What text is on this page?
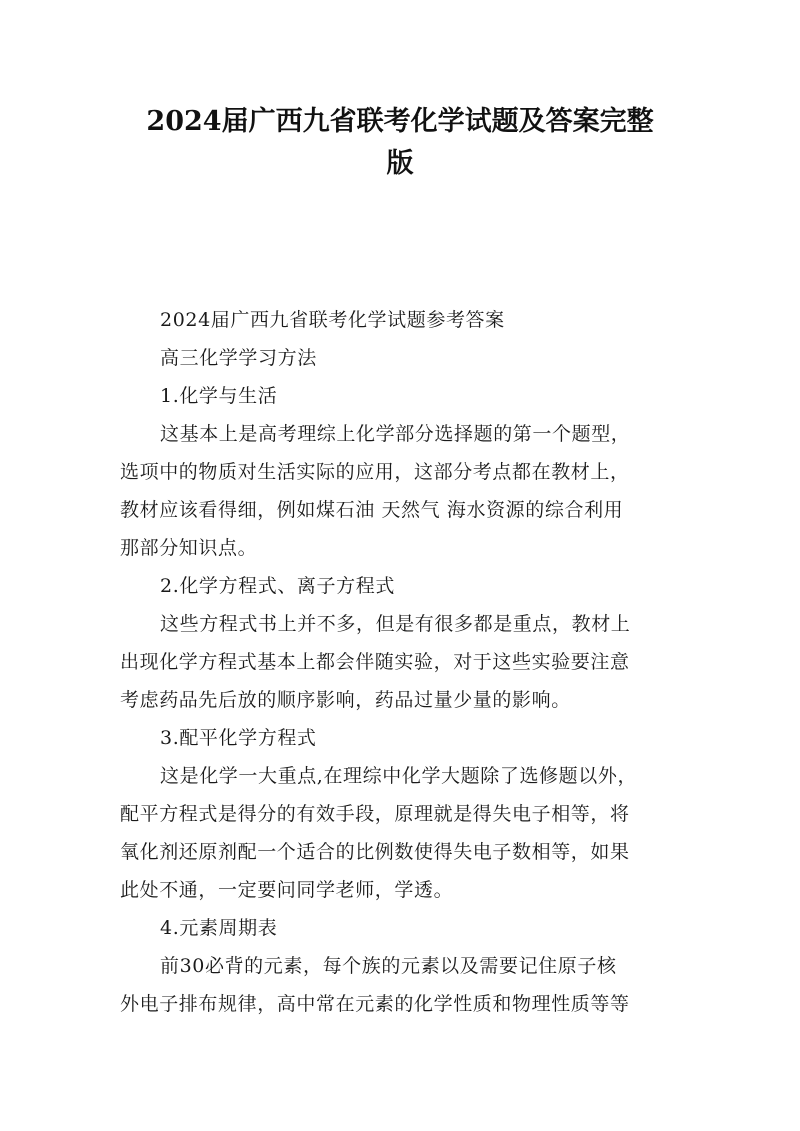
2024届广西九省联考化学试题及答案完整
版
2024届广西九省联考化学试题参考答案
高三化学学习方法
1.化学与生活
这基本上是高考理综上化学部分选择题的第一个题型，
选项中的物质对生活实际的应用，这部分考点都在教材上，
教材应该看得细，例如煤石油 天然气 海水资源的综合利用
那部分知识点。
2.化学方程式、离子方程式
这些方程式书上并不多，但是有很多都是重点，教材上
出现化学方程式基本上都会伴随实验，对于这些实验要注意
考虑药品先后放的顺序影响，药品过量少量的影响。
3.配平化学方程式
这是化学一大重点,在理综中化学大题除了选修题以外，
配平方程式是得分的有效手段，原理就是得失电子相等，将
氧化剂还原剂配一个适合的比例数使得失电子数相等，如果
此处不通，一定要问同学老师，学透。
4.元素周期表
前30必背的元素，每个族的元素以及需要记住原子核
外电子排布规律，高中常在元素的化学性质和物理性质等等
